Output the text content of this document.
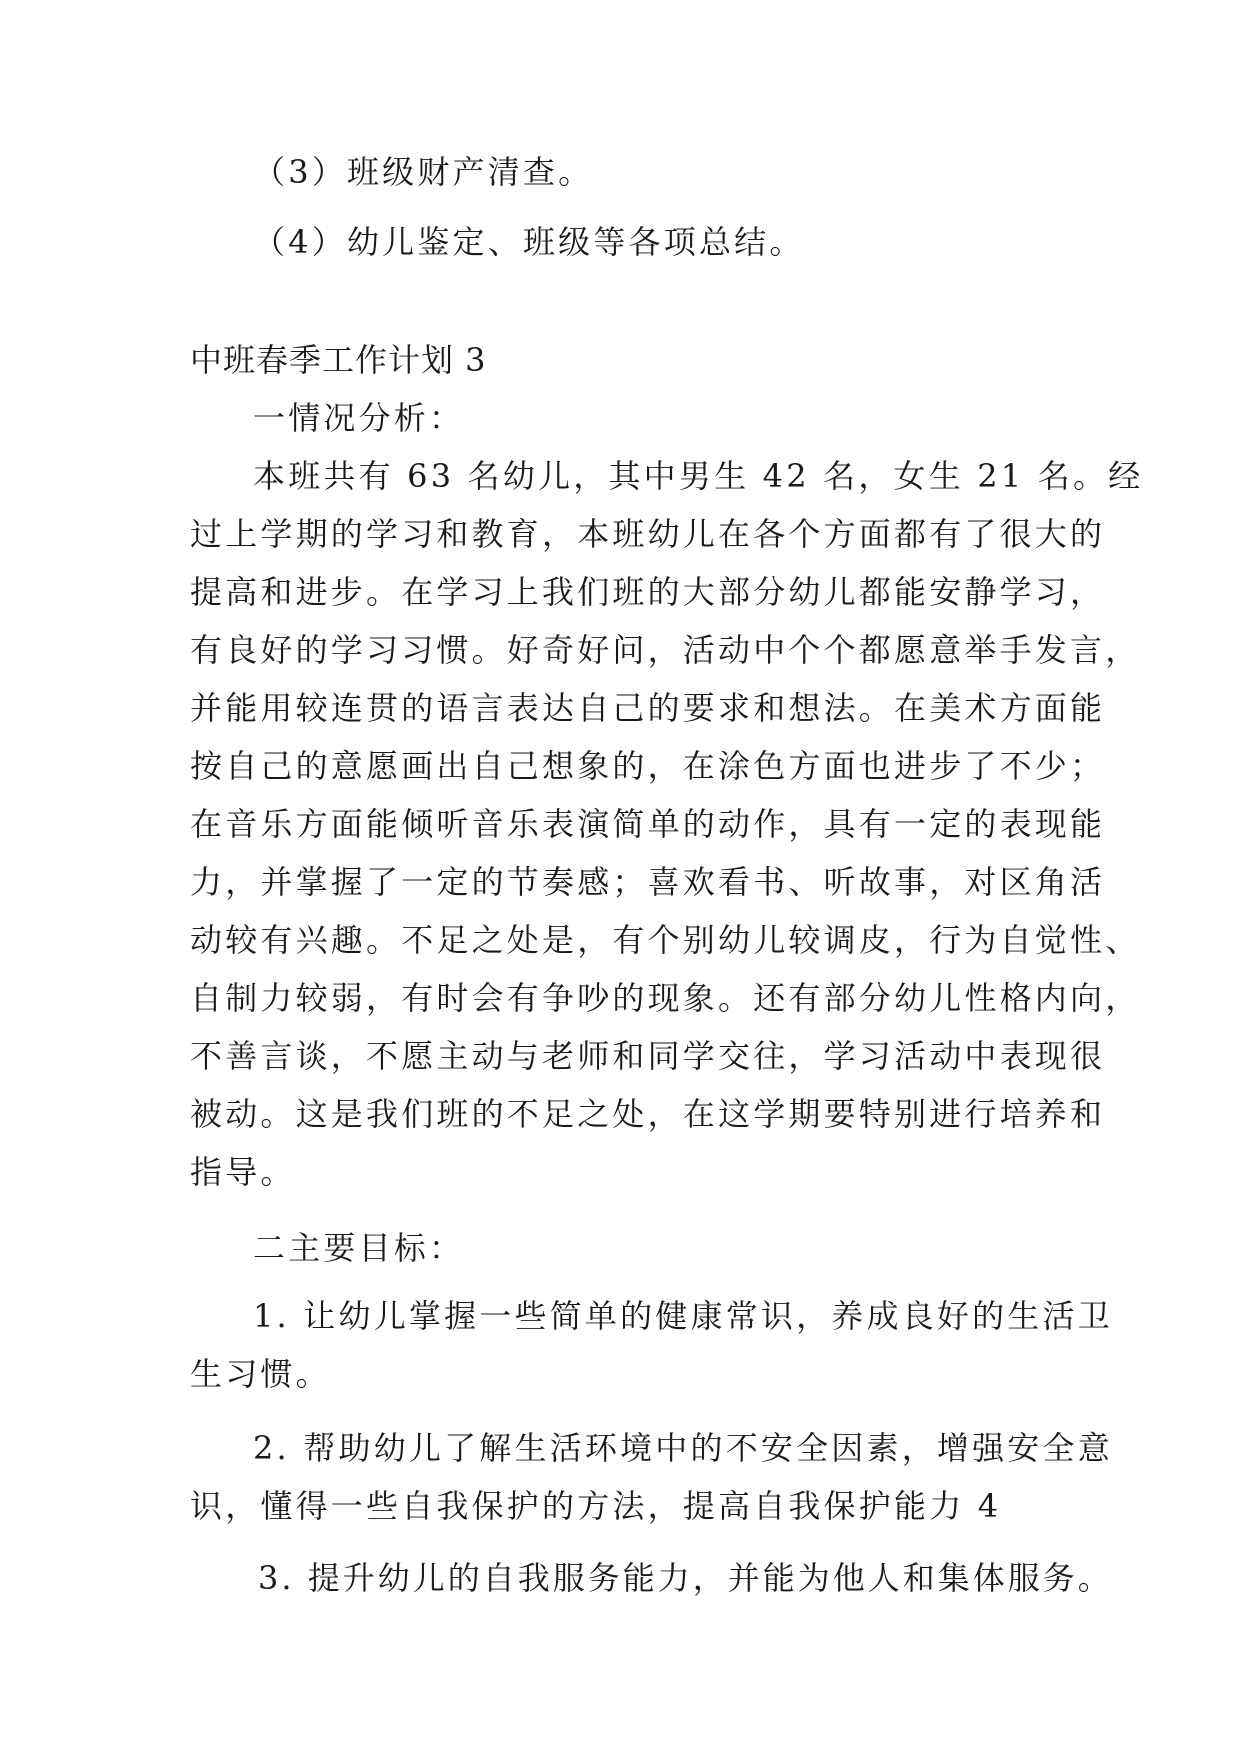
（3）班级财产清查。
（4）幼儿鉴定、班级等各项总结。
中班春季工作计划 3
一情况分析：
本班共有 63 名幼儿，其中男生 42 名，女生 21 名。经
过上学期的学习和教育，本班幼儿在各个方面都有了很大的
提高和进步。在学习上我们班的大部分幼儿都能安静学习，
有良好的学习习惯。好奇好问，活动中个个都愿意举手发言，
并能用较连贯的语言表达自己的要求和想法。在美术方面能
按自己的意愿画出自己想象的，在涂色方面也进步了不少；
在音乐方面能倾听音乐表演简单的动作，具有一定的表现能
力，并掌握了一定的节奏感；喜欢看书、听故事，对区角活
动较有兴趣。不足之处是，有个别幼儿较调皮，行为自觉性、
自制力较弱，有时会有争吵的现象。还有部分幼儿性格内向，
不善言谈，不愿主动与老师和同学交往，学习活动中表现很
被动。这是我们班的不足之处，在这学期要特别进行培养和
指导。
二主要目标：
1. 让幼儿掌握一些简单的健康常识，养成良好的生活卫
生习惯。
2. 帮助幼儿了解生活环境中的不安全因素，增强安全意
识，懂得一些自我保护的方法，提高自我保护能力 4
3. 提升幼儿的自我服务能力，并能为他人和集体服务。
